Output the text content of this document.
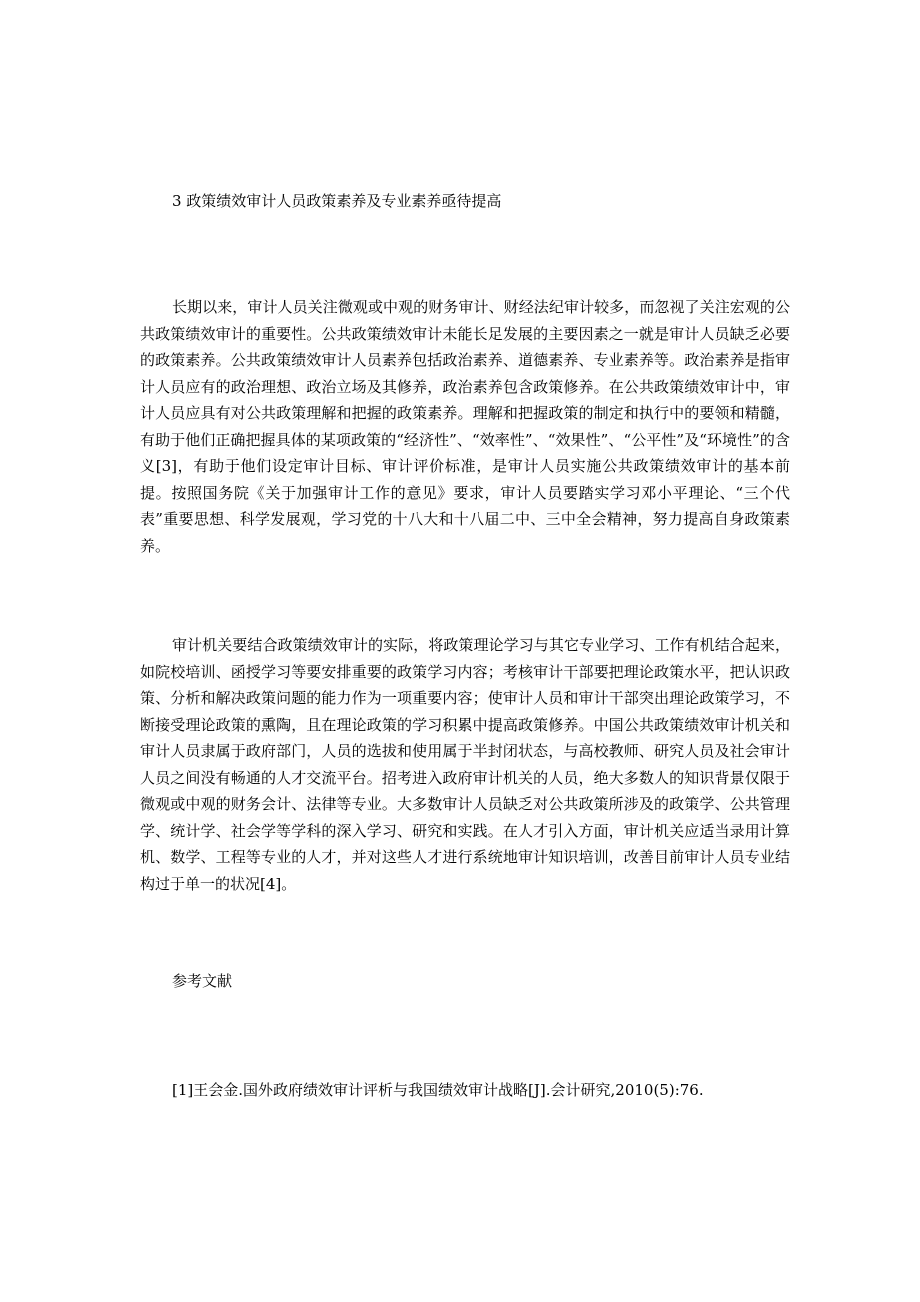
3 政策绩效审计人员政策素养及专业素养亟待提高

长期以来，审计人员关注微观或中观的财务审计、财经法纪审计较多，而忽视了关注宏观的公共政策绩效审计的重要性。公共政策绩效审计未能长足发展的主要因素之一就是审计人员缺乏必要的政策素养。公共政策绩效审计人员素养包括政治素养、道德素养、专业素养等。政治素养是指审计人员应有的政治理想、政治立场及其修养，政治素养包含政策修养。在公共政策绩效审计中，审计人员应具有对公共政策理解和把握的政策素养。理解和把握政策的制定和执行中的要领和精髓，有助于他们正确把握具体的某项政策的“经济性”、“效率性”、“效果性”、“公平性”及“环境性”的含义[3]，有助于他们设定审计目标、审计评价标准，是审计人员实施公共政策绩效审计的基本前提。按照国务院《关于加强审计工作的意见》要求，审计人员要踏实学习邓小平理论、“三个代表”重要思想、科学发展观，学习党的十八大和十八届二中、三中全会精神，努力提高自身政策素养。

审计机关要结合政策绩效审计的实际，将政策理论学习与其它专业学习、工作有机结合起来，如院校培训、函授学习等要安排重要的政策学习内容；考核审计干部要把理论政策水平，把认识政策、分析和解决政策问题的能力作为一项重要内容；使审计人员和审计干部突出理论政策学习，不断接受理论政策的熏陶，且在理论政策的学习积累中提高政策修养。中国公共政策绩效审计机关和审计人员隶属于政府部门，人员的选拔和使用属于半封闭状态，与高校教师、研究人员及社会审计人员之间没有畅通的人才交流平台。招考进入政府审计机关的人员，绝大多数人的知识背景仅限于微观或中观的财务会计、法律等专业。大多数审计人员缺乏对公共政策所涉及的政策学、公共管理学、统计学、社会学等学科的深入学习、研究和实践。在人才引入方面，审计机关应适当录用计算机、数学、工程等专业的人才，并对这些人才进行系统地审计知识培训，改善目前审计人员专业结构过于单一的状况[4]。

参考文献
[1]王会金.国外政府绩效审计评析与我国绩效审计战略[J].会计研究,2010(5):76.
